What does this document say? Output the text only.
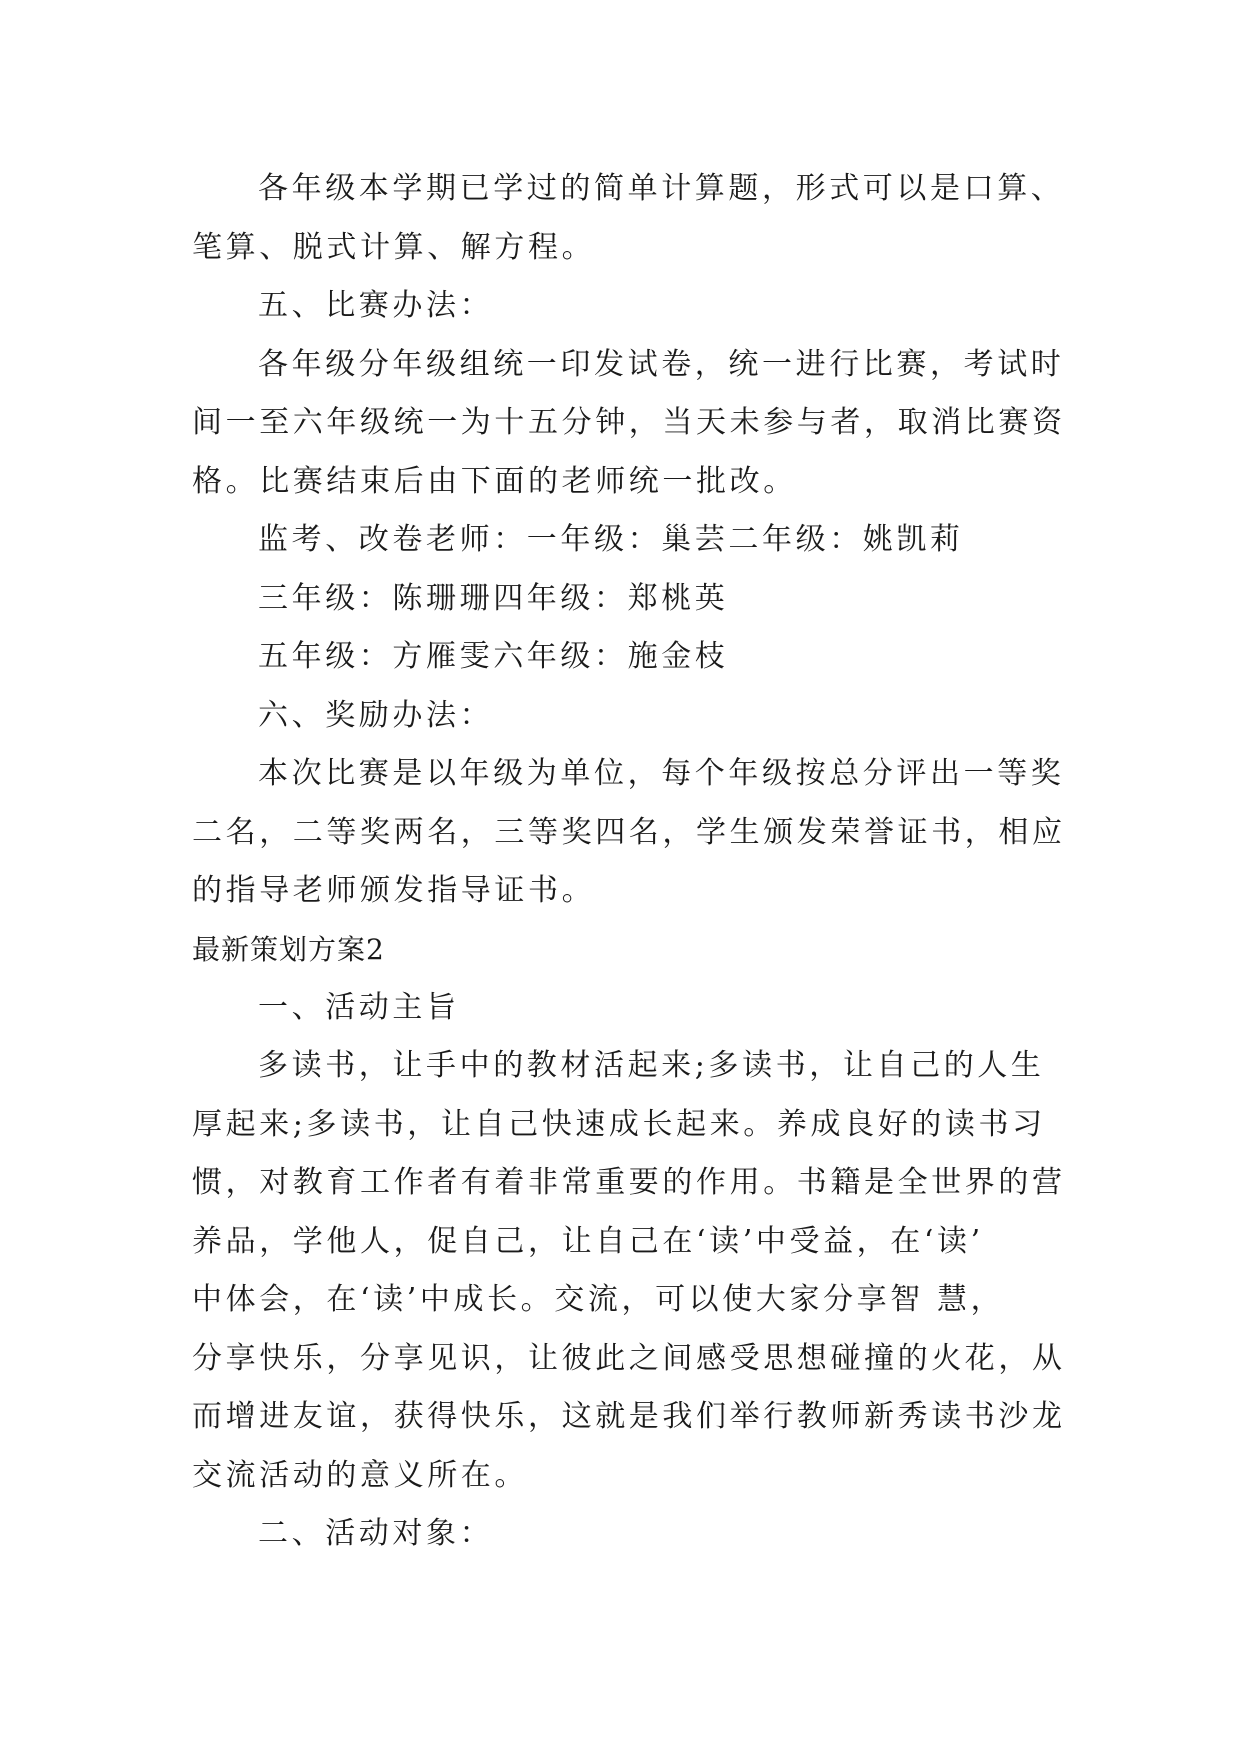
各年级本学期已学过的简单计算题，形式可以是口算、

笔算、脱式计算、解方程。

五、比赛办法：

各年级分年级组统一印发试卷，统一进行比赛，考试时

间一至六年级统一为十五分钟，当天未参与者，取消比赛资

格。比赛结束后由下面的老师统一批改。

监考、改卷老师：一年级：巢芸二年级：姚凯莉

三年级：陈珊珊四年级：郑桃英

五年级：方雁雯六年级：施金枝

六、奖励办法：

本次比赛是以年级为单位，每个年级按总分评出一等奖

二名，二等奖两名，三等奖四名，学生颁发荣誉证书，相应

的指导老师颁发指导证书。

最新策划方案2

一、活动主旨

多读书，让手中的教材活起来;多读书，让自己的人生

厚起来;多读书，让自己快速成长起来。养成良好的读书习

惯，对教育工作者有着非常重要的作用。书籍是全世界的营

养品，学他人，促自己，让自己在‘读’中受益，在‘读’

中体会，在‘读’中成长。交流，可以使大家分享智 慧，

分享快乐，分享见识，让彼此之间感受思想碰撞的火花，从

而增进友谊，获得快乐，这就是我们举行教师新秀读书沙龙

交流活动的意义所在。

二、活动对象：
